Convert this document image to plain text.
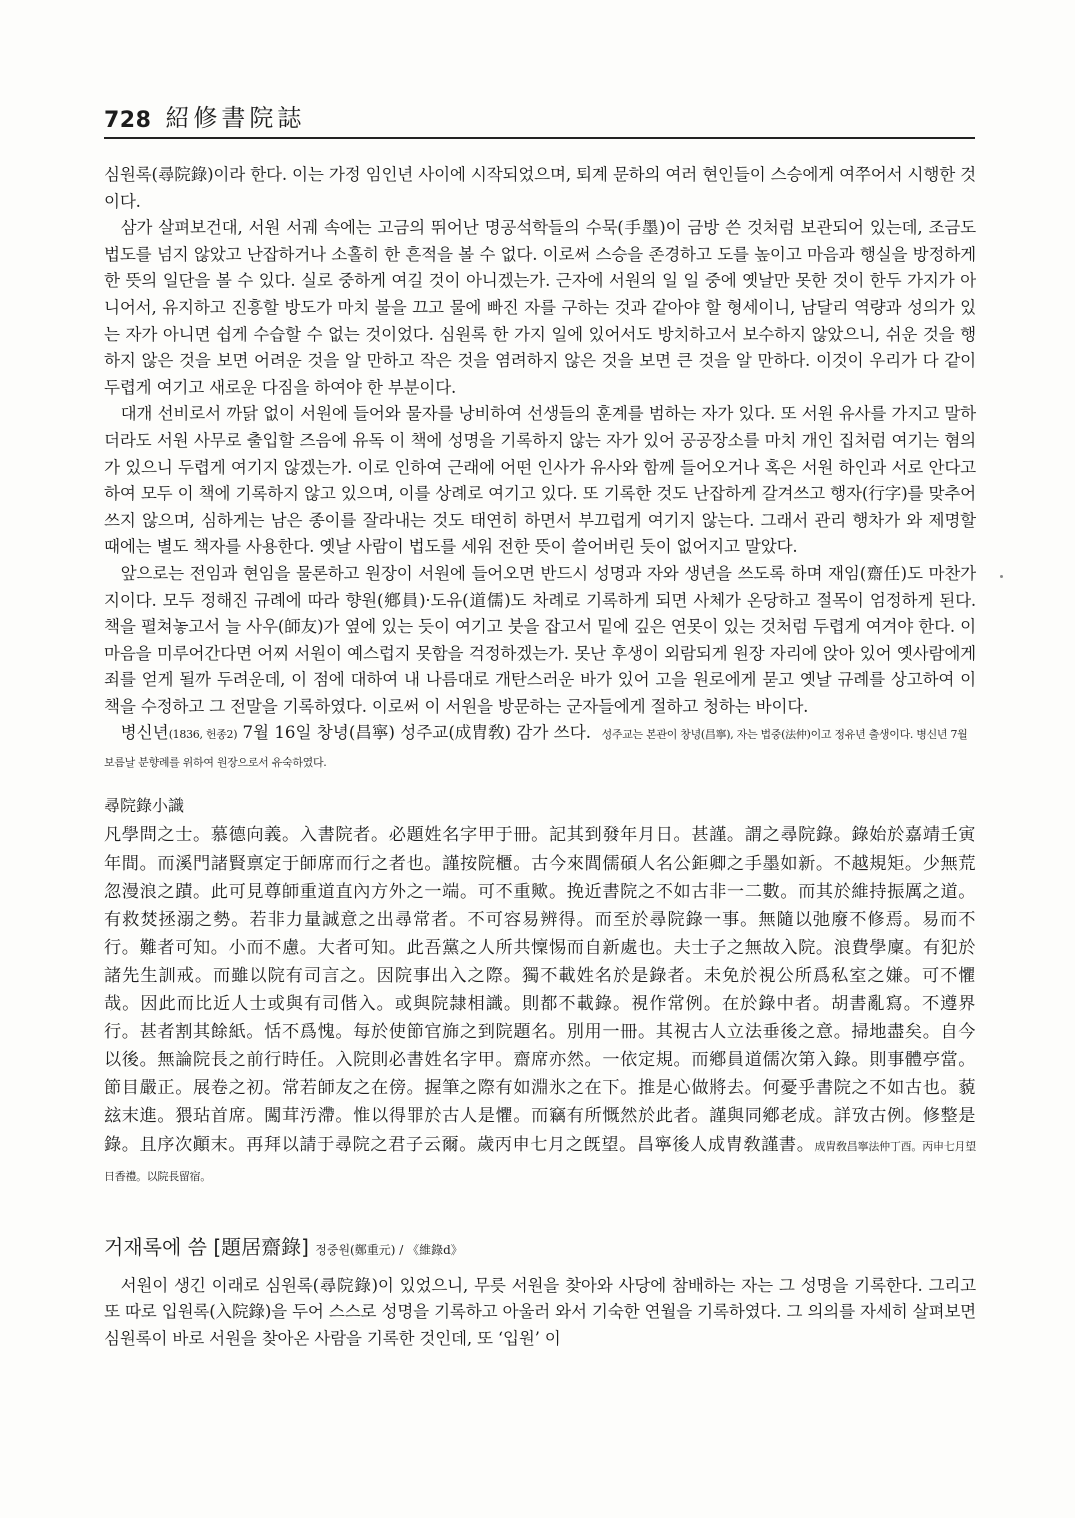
728 紹修書院誌

심원록(尋院錄)이라 한다. 이는 가정 임인년 사이에 시작되었으며, 퇴계 문하의 여러 현인들이 스승에게 여쭈어서 시행한 것이다.

삼가 살펴보건대, 서원 서궤 속에는 고금의 뛰어난 명공석학들의 수묵(手墨)이 금방 쓴 것처럼 보관되어 있는데, 조금도 법도를 넘지 않았고 난잡하거나 소홀히 한 흔적을 볼 수 없다. 이로써 스승을 존경하고 도를 높이고 마음과 행실을 방정하게 한 뜻의 일단을 볼 수 있다. 실로 중하게 여길 것이 아니겠는가. 근자에 서원의 일 일 중에 옛날만 못한 것이 한두 가지가 아니어서, 유지하고 진흥할 방도가 마치 불을 끄고 물에 빠진 자를 구하는 것과 같아야 할 형세이니, 남달리 역량과 성의가 있는 자가 아니면 쉽게 수습할 수 없는 것이었다. 심원록 한 가지 일에 있어서도 방치하고서 보수하지 않았으니, 쉬운 것을 행하지 않은 것을 보면 어려운 것을 알 만하고 작은 것을 염려하지 않은 것을 보면 큰 것을 알 만하다. 이것이 우리가 다 같이 두렵게 여기고 새로운 다짐을 하여야 한 부분이다.

대개 선비로서 까닭 없이 서원에 들어와 물자를 낭비하여 선생들의 훈계를 범하는 자가 있다. 또 서원 유사를 가지고 말하더라도 서원 사무로 출입할 즈음에 유독 이 책에 성명을 기록하지 않는 자가 있어 공공장소를 마치 개인 집처럼 여기는 혐의가 있으니 두렵게 여기지 않겠는가. 이로 인하여 근래에 어떤 인사가 유사와 함께 들어오거나 혹은 서원 하인과 서로 안다고 하여 모두 이 책에 기록하지 않고 있으며, 이를 상례로 여기고 있다. 또 기록한 것도 난잡하게 갈겨쓰고 행자(行字)를 맞추어 쓰지 않으며, 심하게는 남은 종이를 잘라내는 것도 태연히 하면서 부끄럽게 여기지 않는다. 그래서 관리 행차가 와 제명할 때에는 별도 책자를 사용한다. 옛날 사람이 법도를 세워 전한 뜻이 쓸어버린 듯이 없어지고 말았다.

앞으로는 전임과 현임을 물론하고 원장이 서원에 들어오면 반드시 성명과 자와 생년을 쓰도록 하며 재임(齋任)도 마찬가지이다. 모두 정해진 규례에 따라 향원(鄕員)·도유(道儒)도 차례로 기록하게 되면 사체가 온당하고 절목이 엄정하게 된다. 책을 펼쳐놓고서 늘 사우(師友)가 옆에 있는 듯이 여기고 붓을 잡고서 밑에 깊은 연못이 있는 것처럼 두렵게 여겨야 한다. 이 마음을 미루어간다면 어찌 서원이 예스럽지 못함을 걱정하겠는가. 못난 후생이 외람되게 원장 자리에 앉아 있어 옛사람에게 죄를 얻게 될까 두려운데, 이 점에 대하여 내 나름대로 개탄스러운 바가 있어 고을 원로에게 묻고 옛날 규례를 상고하여 이 책을 수정하고 그 전말을 기록하였다. 이로써 이 서원을 방문하는 군자들에게 절하고 청하는 바이다.

병신년(1836, 헌종2) 7월 16일 창녕(昌寧) 성주교(成胄敎) 감가 쓰다. 성주교는 본관이 창녕(昌寧), 자는 법중(法仲)이고 정유년 출생이다. 병신년 7월 보름날 분향례를 위하여 원장으로서 유숙하였다.

尋院錄小識

凡學問之士。慕德向義。入書院者。必題姓名字甲于冊。記其到發年月日。甚謹。謂之尋院錄。錄始於嘉靖壬寅年間。而溪門諸賢禀定于師席而行之者也。謹按院櫃。古今來閭儒碩人名公鉅卿之手墨如新。不越規矩。少無荒忽漫浪之蹟。此可見尊師重道直內方外之一端。可不重歟。挽近書院之不如古非一二數。而其於維持振厲之道。有救焚拯溺之勢。若非力量誠意之出尋常者。不可容易辨得。而至於尋院錄一事。無隨以弛廢不修焉。易而不行。難者可知。小而不慮。大者可知。此吾黨之人所共懍惕而自新處也。夫士子之無故入院。浪費學廩。有犯於諸先生訓戒。而雖以院有司言之。因院事出入之際。獨不載姓名於是錄者。未免於視公所爲私室之嫌。可不懼哉。因此而比近人士或與有司偕入。或與院隷相識。則都不載錄。視作常例。在於錄中者。胡書亂寫。不遵界行。甚者割其餘紙。恬不爲愧。每於使節官旆之到院題名。別用一冊。其視古人立法垂後之意。掃地盡矣。自今以後。無論院長之前行時任。入院則必書姓名字甲。齋席亦然。一依定規。而鄕員道儒次第入錄。則事體亭當。節目嚴正。展卷之初。常若師友之在傍。握筆之際有如淵氷之在下。推是心做將去。何憂乎書院之不如古也。藐玆末進。猥玷首席。闖茸汚滯。惟以得罪於古人是懼。而竊有所慨然於此者。謹與同鄕老成。詳攷古例。修整是錄。且序次顚末。再拜以請于尋院之君子云爾。歲丙申七月之旣望。昌寧後人成胄敎謹書。成胄敎昌寧法仲丁酉。丙申七月望日香禮。以院長留宿。

거재록에 씀 [題居齋錄] 정중원(鄭重元) / 《維錄d》

서원이 생긴 이래로 심원록(尋院錄)이 있었으니, 무릇 서원을 찾아와 사당에 참배하는 자는 그 성명을 기록한다. 그리고 또 따로 입원록(入院錄)을 두어 스스로 성명을 기록하고 아울러 와서 기숙한 연월을 기록하였다. 그 의의를 자세히 살펴보면 심원록이 바로 서원을 찾아온 사람을 기록한 것인데, 또 ‘입원’ 이
